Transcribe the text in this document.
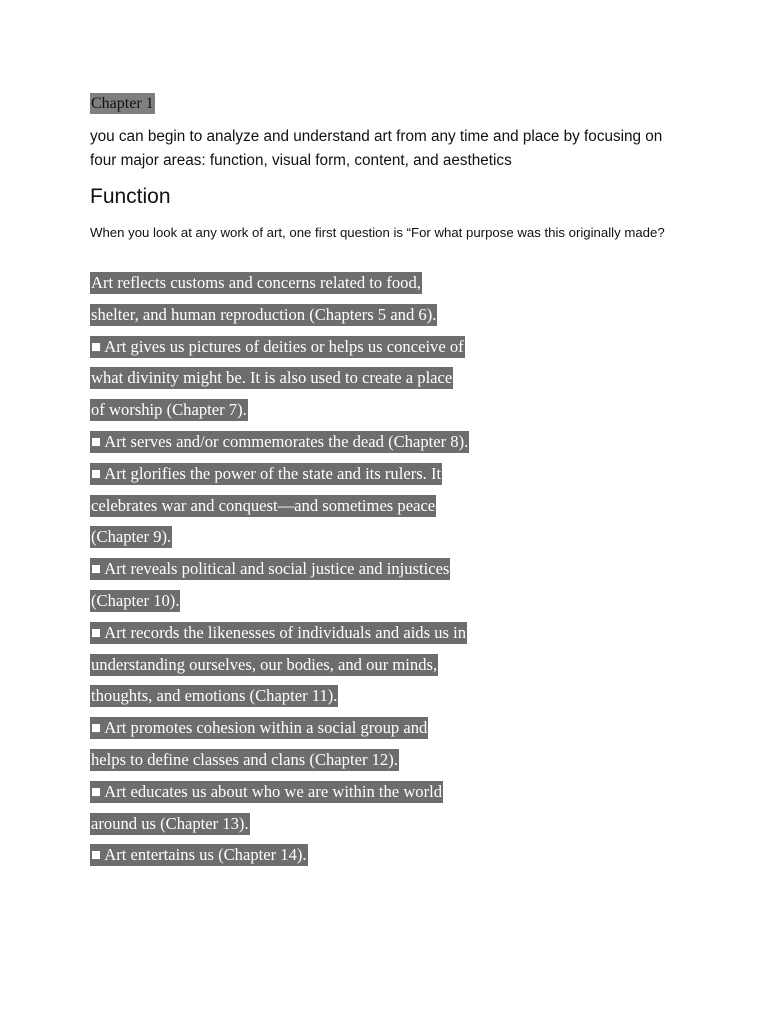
Chapter 1

you can begin to analyze and understand art from any time and place by focusing on four major areas: function, visual form, content, and aesthetics

Function

When you look at any work of art, one first question is “For what purpose was this originally made?

Art reflects customs and concerns related to food,
shelter, and human reproduction (Chapters 5 and 6).
■ Art gives us pictures of deities or helps us conceive of
what divinity might be. It is also used to create a place
of worship (Chapter 7).
■ Art serves and/or commemorates the dead (Chapter 8).
■ Art glorifies the power of the state and its rulers. It
celebrates war and conquest—and sometimes peace
(Chapter 9).
■ Art reveals political and social justice and injustices
(Chapter 10).
■ Art records the likenesses of individuals and aids us in
understanding ourselves, our bodies, and our minds,
thoughts, and emotions (Chapter 11).
■ Art promotes cohesion within a social group and
helps to define classes and clans (Chapter 12).
■ Art educates us about who we are within the world
around us (Chapter 13).
■ Art entertains us (Chapter 14).
